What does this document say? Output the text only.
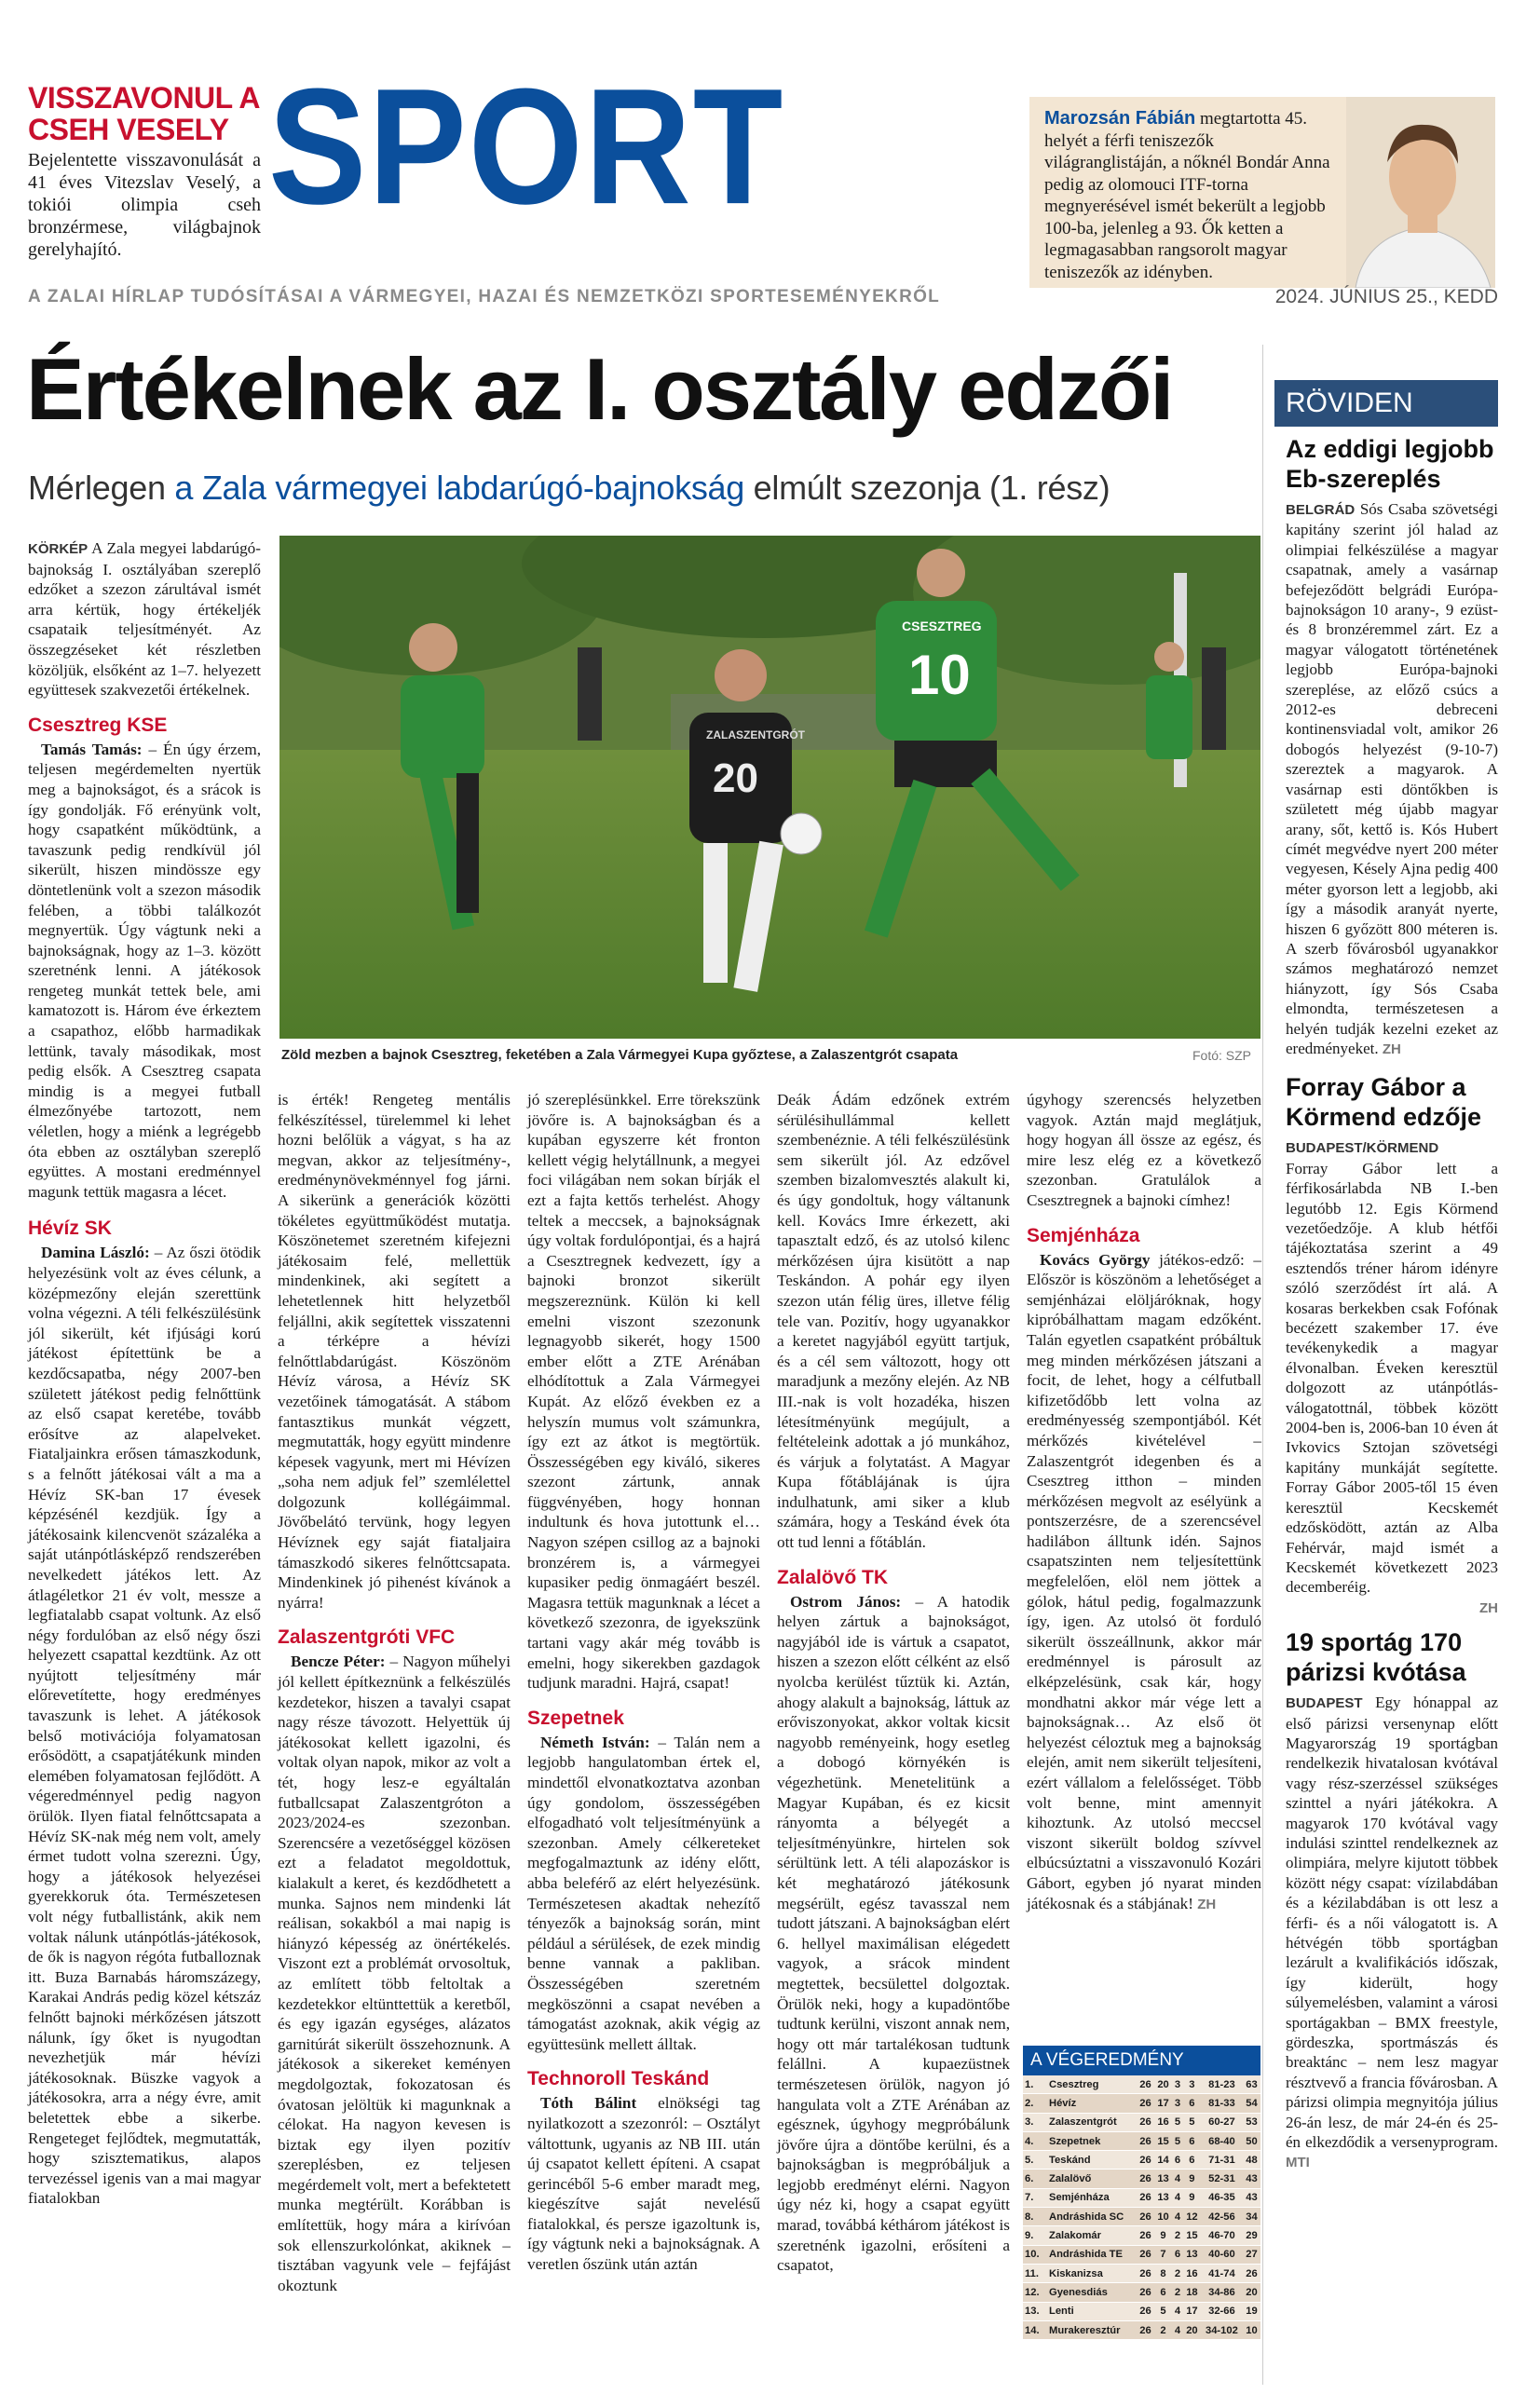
VISSZAVONUL A CSEH VESELY

Bejelentette visszavonulását a 41 éves Vitezslav Veselý, a tokiói olimpia cseh bronzérmese, világbajnok gerelyhajító.

SPORT	Marozsán Fábián megtartotta 45. helyét a férfi teniszezők világranglistáján, a nőknél Bondár Anna pedig az olomouci ITF-torna megnyerésével ismét bekerült a legjobb 100-ba, jelenleg a 93. Ők ketten a legmagasabban rangsorolt magyar teniszezők az idényben.

A ZALAI HÍRLAP TUDÓSÍTÁSAI A VÁRMEGYEI, HAZAI ÉS NEMZETKÖZI SPORTESEMÉNYEKRŐL	2024. JÚNIUS 25., KEDD
Értékelnek az I. osztály edzői
Mérlegen a Zala vármegyei labdarúgó-bajnokság elmúlt szezonja (1. rész)
ZALASZENTGRÓT
20
CSESZTREG
10
Zöld mezben a bajnok Csesztreg, feketében a Zala Vármegyei Kupa győztese, a Zalaszentgrót csapata	Fotó: SZP

KÖRKÉP A Zala megyei labdarúgó-bajnokság I. osztályában szereplő edzőket a szezon zárultával ismét arra kértük, hogy értékeljék csapataik teljesítményét. Az összegzéseket két részletben közöljük, elsőként az 1–7. helyezett együttesek szakvezetői értékelnek.

Csesztreg KSE

Tamás Tamás: – Én úgy érzem, teljesen megérdemelten nyertük meg a bajnokságot, és a srácok is így gondolják. Fő erényünk volt, hogy csapatként működtünk, a tavaszunk pedig rendkívül jól sikerült, hiszen mindössze egy döntetlenünk volt a szezon második felében, a többi találkozót megnyertük. Úgy vágtunk neki a bajnokságnak, hogy az 1–3. között szeretnénk lenni. A játékosok rengeteg munkát tettek bele, ami kamatozott is. Három éve érkeztem a csapathoz, előbb harmadikak lettünk, tavaly másodikak, most pedig elsők. A Csesztreg csapata mindig is a megyei futball élmezőnyébe tartozott, nem véletlen, hogy a miénk a legrégebb óta ebben az osztályban szereplő együttes. A mostani eredménnyel magunk tettük magasra a lécet.

Hévíz SK

Damina László: – Az őszi ötödik helyezésünk volt az éves célunk, a középmezőny eleján szerettünk volna végezni. A téli felkészülésünk jól sikerült, két ifjúsági korú játékost építettünk be a kezdőcsapatba, négy 2007-ben született játékost pedig felnőttünk az első csapat keretébe, tovább erősítve az alapelveket. Fiataljainkra erősen támaszkodunk, s a felnőtt játékosai vált a ma a Hévíz SK-ban 17 évesek képzésénél kezdjük. Így a játékosaink kilencvenöt százaléka a saját utánpótlásképző rendszerében nevelkedett játékos lett. Az átlagéletkor 21 év volt, messze a legfiatalabb csapat voltunk. Az első négy fordulóban az első négy őszi helyezett csapattal kezdtünk. Az ott nyújtott teljesítmény már előrevetítette, hogy eredményes tavaszunk is lehet. A játékosok belső motivációja folyamatosan erősödött, a csapatjátékunk minden elemében folyamatosan fejlődött. A végeredménnyel pedig nagyon örülök. Ilyen fiatal felnőttcsapata a Hévíz SK-nak még nem volt, amely érmet tudott volna szerezni. Úgy, hogy a játékosok helyezései gyerekkoruk óta. Természetesen volt négy futballistánk, akik nem voltak nálunk utánpótlás-játékosok, de ők is nagyon régóta futballoznak itt. Buza Barnabás háromszázegy, Karakai András pedig közel kétszáz felnőtt bajnoki mérkőzésen játszott nálunk, így őket is nyugodtan nevezhetjük már hévízi játékosoknak. Büszke vagyok a játékosokra, arra a négy évre, amit beletettek ebbe a sikerbe. Rengeteget fejlődtek, megmutatták, hogy szisztematikus, alapos tervezéssel igenis van a mai magyar fiatalokban

is érték! Rengeteg mentális felkészítéssel, türelemmel ki lehet hozni belőlük a vágyat, s ha az megvan, akkor az teljesítmény-, eredménynövekménnyel fog járni. A sikerünk a generációk közötti tökéletes együttműködést mutatja. Köszönetemet szeretném kifejezni játékosaim felé, mellettük mindenkinek, aki segített a lehetetlennek hitt helyzetből feljállni, akik segítettek visszatenni a térképre a hévízi felnőttlabdarúgást. Köszönöm Hévíz városa, a Hévíz SK vezetőinek támogatását. A stábom fantasztikus munkát végzett, megmutatták, hogy együtt mindenre képesek vagyunk, mert mi Hévízen „soha nem adjuk fel” szemlélettel dolgozunk kollégáimmal. Jövőbelátó tervünk, hogy legyen Hévíznek egy saját fiataljaira támaszkodó sikeres felnőttcsapata. Mindenkinek jó pihenést kívánok a nyárra!

Zalaszentgróti VFC

Bencze Péter: – Nagyon műhelyi jól kellett építkeznünk a felkészülés kezdetekor, hiszen a tavalyi csapat nagy része távozott. Helyettük új játékosokat kellett igazolni, és voltak olyan napok, mikor az volt a tét, hogy lesz-e egyáltalán futballcsapat Zalaszentgróton a 2023/2024-es szezonban. Szerencsére a vezetőséggel közösen ezt a feladatot megoldottuk, kialakult a keret, és kezdődhetett a munka. Sajnos nem mindenki lát reálisan, sokakból a mai napig is hiányzó képesség az önértékelés. Viszont ezt a problémát orvosoltuk, az említett több feltoltak a kezdetekkor eltünttettük a keretből, és egy igazán egységes, alázatos garnitúrát sikerült összehoznunk. A játékosok a sikereket keményen megdolgoztak, fokozatosan és óvatosan jelöltük ki magunknak a célokat. Ha nagyon kevesen is biztak egy ilyen pozitív szereplésben, ez teljesen megérdemelt volt, mert a befektetett munka megtérült. Korábban is említettük, hogy mára a kirívóan sok ellenszurkolónkat, akiknek – tisztában vagyunk vele – fejfájást okoztunk

jó szereplésünkkel. Erre törekszünk jövőre is. A bajnokságban és a kupában egyszerre két fronton kellett végig helytállnunk, a megyei foci világában nem sokan bírják el ezt a fajta kettős terhelést. Ahogy teltek a meccsek, a bajnokságnak úgy voltak fordulópontjai, és a hajrá a Csesztregnek kedvezett, így a bajnoki bronzot sikerült megszereznünk. Külön ki kell emelni viszont szezonunk legnagyobb sikerét, hogy 1500 ember előtt a ZTE Arénában elhódítottuk a Zala Vármegyei Kupát. Az előző években ez a helyszín mumus volt számunkra, így ezt az átkot is megtörtük. Összességében egy kiváló, sikeres szezont zártunk, annak függvényében, hogy honnan indultunk és hova jutottunk el… Nagyon szépen csillog az a bajnoki bronzérem is, a vármegyei kupasiker pedig önmagáért beszél. Magasra tettük magunknak a lécet a következő szezonra, de igyekszünk tartani vagy akár még tovább is emelni, hogy sikerekben gazdagok tudjunk maradni. Hajrá, csapat!

Szepetnek

Németh István: – Talán nem a legjobb hangulatomban értek el, mindettől elvonatkoztatva azonban úgy gondolom, összességében elfogadható volt teljesítményünk a szezonban. Amely célkereteket megfogalmaztunk az idény előtt, abba beleférő az elért helyezésünk. Természetesen akadtak nehezítő tényezők a bajnokság során, mint például a sérülések, de ezek mindig benne vannak a pakliban. Összességében szeretném megköszönni a csapat nevében a támogatást azoknak, akik végig az együttesünk mellett álltak.

Technoroll Teskánd

Tóth Bálint elnökségi tag nyilatkozott a szezonról: – Osztályt váltottunk, ugyanis az NB III. után új csapatot kellett építeni. A csapat gerincéből 5-6 ember maradt meg, kiegészítve saját nevelésű fiatalokkal, és persze igazoltunk is, így vágtunk neki a bajnokságnak. A veretlen őszünk után aztán

Deák Ádám edzőnek extrém sérülésihullámmal kellett szembenéznie. A téli felkészülésünk sem sikerült jól. Az edzővel szemben bizalomvesztés alakult ki, és úgy gondoltuk, hogy váltanunk kell. Kovács Imre érkezett, aki tapasztalt edző, és az utolsó kilenc mérkőzésen újra kisütött a nap Teskándon. A pohár egy ilyen szezon után félig üres, illetve félig tele van. Pozitív, hogy ugyanakkor a keretet nagyjából együtt tartjuk, és a cél sem változott, hogy ott maradjunk a mezőny elején. Az NB III.-nak is volt hozadéka, hiszen létesítményünk megújult, a feltételeink adottak a jó munkához, és várjuk a folytatást. A Magyar Kupa főtáblájának is újra indulhatunk, ami siker a klub számára, hogy a Teskánd évek óta ott tud lenni a főtáblán.

Zalalövő TK

Ostrom János: – A hatodik helyen zártuk a bajnokságot, nagyjából ide is vártuk a csapatot, hiszen a szezon előtt célként az első nyolcba kerülést tűztük ki. Aztán, ahogy alakult a bajnokság, láttuk az erőviszonyokat, akkor voltak kicsit nagyobb reményeink, hogy esetleg a dobogó környékén is végezhetünk. Menetelitünk a Magyar Kupában, és ez kicsit rányomta a bélyegét a teljesítményünkre, hirtelen sok sérültünk lett. A téli alapozáskor is két meghatározó játékosunk megsérült, egész tavasszal nem tudott játszani. A bajnokságban elért 6. hellyel maximálisan elégedett vagyok, a srácok mindent megtettek, becsülettel dolgoztak. Örülök neki, hogy a kupadöntőbe tudtunk kerülni, viszont annak nem, hogy ott már tartalékosan tudtunk felállni. A kupaezüstnek természetesen örülök, nagyon jó hangulata volt a ZTE Arénában az egésznek, úgyhogy megpróbálunk jövőre újra a döntőbe kerülni, és a bajnokságban is megpróbáljuk a legjobb eredményt elérni. Nagyon úgy néz ki, hogy a csapat együtt marad, továbbá kéthárom játékost is szeretnénk igazolni, erősíteni a csapatot,

úgyhogy szerencsés helyzetben vagyok. Aztán majd meglátjuk, hogy hogyan áll össze az egész, és mire lesz elég ez a következő szezonban. Gratulálok a Csesztregnek a bajnoki címhez!

Semjénháza

Kovács György játékos-edző: – Először is köszönöm a lehetőséget a semjénházai elöljáróknak, hogy kipróbálhattam magam edzőként. Talán egyetlen csapatként próbáltuk meg minden mérkőzésen játszani a focit, de lehet, hogy a célfutball kifizetődőbb lett volna az eredményesség szempontjából. Két mérkőzés kivételével – Zalaszentgrót idegenben és a Csesztreg itthon – minden mérkőzésen megvolt az esélyünk a pontszerzésre, de a szerencsével hadilábon álltunk idén. Sajnos csapatszinten nem teljesítettünk megfelelően, elöl nem jöttek a gólok, hátul pedig, fogalmazzunk így, igen. Az utolsó öt forduló sikerült összeállnunk, akkor már eredménnyel is párosult az elképzelésünk, csak kár, hogy mondhatni akkor már vége lett a bajnokságnak… Az első öt helyezést céloztuk meg a bajnokság elején, amit nem sikerült teljesíteni, ezért vállalom a felelősséget. Több volt benne, mint amennyit kihoztunk. Az utolsó meccsel viszont sikerült boldog szívvel elbúcsúztatni a visszavonuló Kozári Gábort, egyben jó nyarat minden játékosnak és a stábjának! ZH

A VÉGEREDMÉNY
1.	Csesztreg	26	20	3	3	81-23	63
2.	Hévíz	26	17	3	6	81-33	54
3.	Zalaszentgrót	26	16	5	5	60-27	53
4.	Szepetnek	26	15	5	6	68-40	50
5.	Teskánd	26	14	6	6	71-31	48
6.	Zalalövő	26	13	4	9	52-31	43
7.	Semjénháza	26	13	4	9	46-35	43
8.	Andráshida SC	26	10	4	12	42-56	34
9.	Zalakomár	26	9	2	15	46-70	29
10.	Andráshida TE	26	7	6	13	40-60	27
11.	Kiskanizsa	26	8	2	16	41-74	26
12.	Gyenesdiás	26	6	2	18	34-86	20
13.	Lenti	26	5	4	17	32-66	19
14.	Murakeresztúr	26	2	4	20	34-102	10
RÖVIDEN
Az eddigi legjobb Eb-szereplés

BELGRÁD Sós Csaba szövetségi kapitány szerint jól halad az olimpiai felkészülése a magyar csapatnak, amely a vasárnap befejeződött belgrádi Európa-bajnokságon 10 arany-, 9 ezüst- és 8 bronzéremmel zárt. Ez a magyar válogatott történetének legjobb Európa-bajnoki szereplése, az előző csúcs a 2012-es debreceni kontinensviadal volt, amikor 26 dobogós helyezést (9-10-7) szereztek a magyarok. A vasárnap esti döntőkben is született még újabb magyar arany, sőt, kettő is. Kós Hubert címét megvédve nyert 200 méter vegyesen, Késely Ajna pedig 400 méter gyorson lett a legjobb, aki így a második aranyát nyerte, hiszen 6 győzött 800 méteren is. A szerb fővárosból ugyanakkor számos meghatározó nemzet hiányzott, így Sós Csaba elmondta, természetesen a helyén tudják kezelni ezeket az eredményeket. ZH

Forray Gábor a Körmend edzője

BUDAPEST/KÖRMEND

Forray Gábor lett a férfikosárlabda NB I.-ben legutóbb 12. Egis Körmend vezetőedzője. A klub hétfői tájékoztatása szerint a 49 esztendős tréner három idényre szóló szerződést írt alá. A kosaras berkekben csak Fofónak becézett szakember 17. éve tevékenykedik a magyar élvonalban. Éveken keresztül dolgozott az utánpótlás-válogatottnál, többek között 2004-ben is, 2006-ban 10 éven át Ivkovics Sztojan szövetségi kapitány munkáját segítette. Forray Gábor 2005-től 15 éven keresztül Kecskemét edzősködött, aztán az Alba Fehérvár, majd ismét a Kecskemét következett 2023 decemberéig.

ZH

19 sportág 170 párizsi kvótása

BUDAPEST Egy hónappal az első párizsi versenynap előtt Magyarország 19 sportágban rendelkezik hivatalosan kvótával vagy rész-szerzéssel szükséges szinttel a nyári játékokra. A magyarok 170 kvótával vagy indulási szinttel rendelkeznek az olimpiára, melyre kijutott többek között négy csapat: vízilabdában és a kézilabdában is ott lesz a férfi- és a női válogatott is. A hétvégén több sportágban lezárult a kvalifikációs időszak, így kiderült, hogy súlyemelésben, valamint a városi sportágakban – BMX freestyle, gördeszka, sportmászás és breaktánc – nem lesz magyar résztvevő a francia fővárosban. A párizsi olimpia megnyitója július 26-án lesz, de már 24-én és 25-én elkezdődik a versenyprogram. MTI
